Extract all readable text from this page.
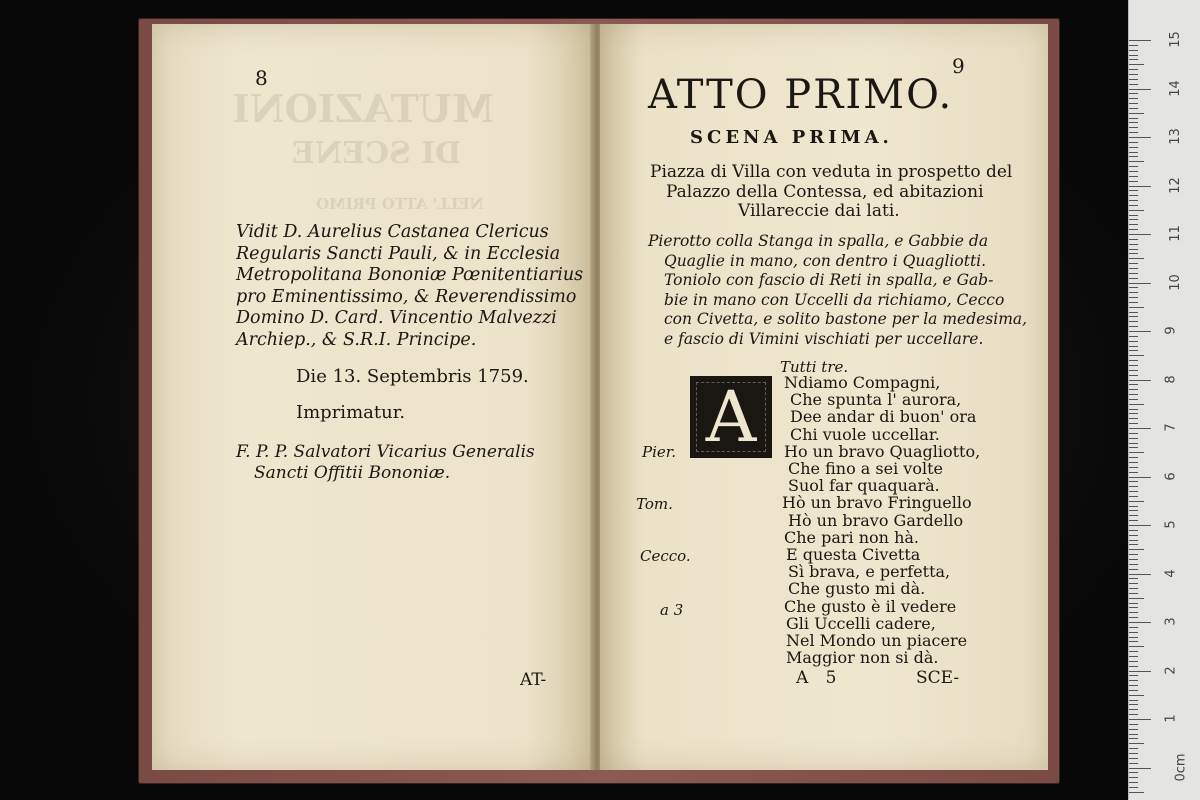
8
MUTAZIONI
DI SCENE
NELL' ATTO PRIMO
Vidit D. Aurelius Castanea Clericus
Regularis Sancti Pauli, & in Ecclesia
Metropolitana Bononiæ Pœnitentiarius
pro Eminentissimo, & Reverendissimo
Domino D. Card. Vincentio Malvezzi
Archiep., & S.R.I. Principe.
Die 13. Septembris 1759.
Imprimatur.
F. P. P. Salvatori Vicarius Generalis
Sancti Offitii Bononiæ.
AT-
9
ATTO PRIMO.
SCENA PRIMA.
Piazza di Villa con veduta in prospetto del
Palazzo della Contessa, ed abitazioni
Villareccie dai lati.
Pierotto colla Stanga in spalla, e Gabbie da
Quaglie in mano, con dentro i Quagliotti.
Toniolo con fascio di Reti in spalla, e Gab-
bie in mano con Uccelli da richiamo, Cecco
con Civetta, e solito bastone per la medesima,
e fascio di Vimini vischiati per uccellare.
Tutti tre.
A Ndiamo Compagni,
Che spunta l' aurora,
Dee andar di buon' ora
Chi vuole uccellar.
Pier.	Ho un bravo Quagliotto,
Che fino a sei volte
Suol far quaquarà.
Tom.	Hò un bravo Fringuello
Hò un bravo Gardello
Che pari non hà.
Cecco.	E questa Civetta
Sì brava, e perfetta,
Che gusto mi dà.
a 3	Che gusto è il vedere
Gli Uccelli cadere,
Nel Mondo un piacere
Maggior non si dà.
A 5	SCE-
15
14
13
12
11
10
9
8
7
6
5
4
3
2
1
0cm
